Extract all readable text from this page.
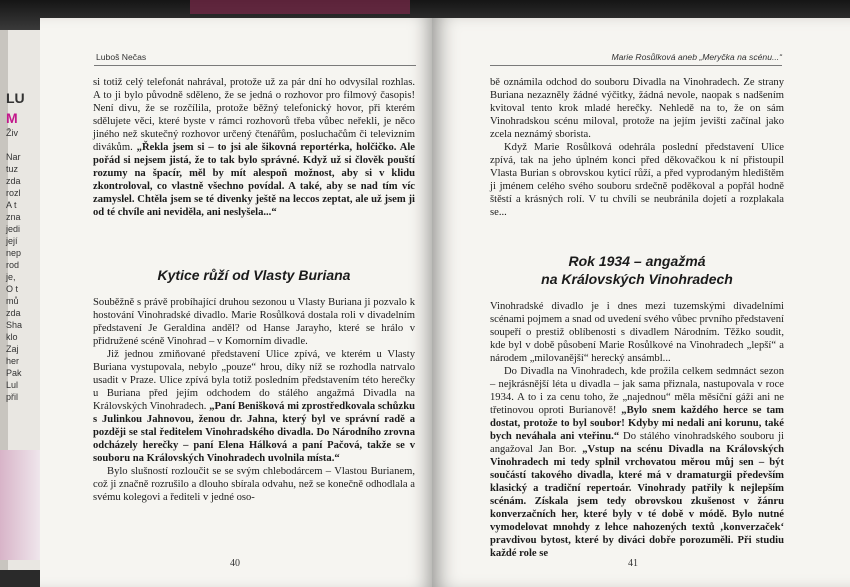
LU
M
Živ
Nar
tuz
zda
rozl
A t
zna
jedi
její
nep
rod
je,
O t
mů
zda
Sha
klo
Zaj
her
Pak
Lul
přil
Luboš Nečas

si totiž celý telefonát nahrával, protože už za pár dní ho odvysílal rozhlas. A to ji bylo původně sděleno, že se jedná o rozhovor pro filmový časopis! Není divu, že se rozčílila, protože běžný telefonický hovor, při kterém sdělujete věci, které byste v rámci rozhovorů třeba vůbec neřekli, je něco jiného než skutečný rozhovor určený čtenářům, posluchačům či televizním divákům. „Řekla jsem si – to jsi ale šikovná reportérka, holčičko. Ale pořád si nejsem jistá, že to tak bylo správné. Když už si člověk pouští rozumy na špacír, měl by mít alespoň možnost, aby si v klidu zkontroloval, co vlastně všechno povídal. A také, aby se nad tím víc zamyslel. Chtěla jsem se té divenky ještě na leccos zeptat, ale už jsem ji od té chvíle ani neviděla, ani neslyšela...“

Kytice růží od Vlasty Buriana

Souběžně s právě probíhající druhou sezonou u Vlasty Buriana ji pozvalo k hostování Vinohradské divadlo. Marie Rosůlková dostala roli v divadelním představení Je Geraldina anděl? od Hanse Jarayho, které se hrálo v přidružené scéně Vinohrad – v Komorním divadle.

Již jednou zmiňované představení Ulice zpívá, ve kterém u Vlasty Buriana vystupovala, nebylo „pouze“ hrou, díky níž se rozhodla natrvalo usadit v Praze. Ulice zpívá byla totiž posledním představením této herečky u Buriana před jejím odchodem do stálého angažmá Divadla na Královských Vinohradech. „Paní Benišková mi zprostředkovala schůzku s Julinkou Jahnovou, ženou dr. Jahna, který byl ve správní radě a později se stal ředitelem Vinohradského divadla. Do Národního zrovna odcházely herečky – paní Elena Hálková a paní Pačová, takže se v souboru na Královských Vinohradech uvolnila místa.“

Bylo slušností rozloučit se se svým chlebodárcem – Vlastou Burianem, což ji značně rozrušilo a dlouho sbírala odvahu, než se konečně odhodlala a svému kolegovi a řediteli v jedné oso-

40
Marie Rosůlková aneb „Meryčka na scénu...“

bě oznámila odchod do souboru Divadla na Vinohradech. Ze strany Buriana nezazněly žádné výčitky, žádná nevole, naopak s nadšením kvitoval tento krok mladé herečky. Nehledě na to, že on sám Vinohradskou scénu miloval, protože na jejím jevišti začínal jako zcela neznámý sborista.

Když Marie Rosůlková odehrála poslední představení Ulice zpívá, tak na jeho úplném konci před děkovačkou k ní přistoupil Vlasta Burian s obrovskou kyticí růží, a před vyprodaným hledištěm ji jménem celého svého souboru srdečně poděkoval a popřál hodně štěstí a krásných rolí. V tu chvíli se neubránila dojetí a rozplakala se...

Rok 1934 – angažmá
na Královských Vinohradech

Vinohradské divadlo je i dnes mezi tuzemskými divadelními scénami pojmem a snad od uvedení svého vůbec prvního představení soupeří o prestiž oblíbenosti s divadlem Národním. Těžko soudit, kde byl v době působení Marie Rosůlkové na Vinohradech „lepší“ a národem „milovanější“ herecký ansámbl...

Do Divadla na Vinohradech, kde prožila celkem sedmnáct sezon – nejkrásnější léta u divadla – jak sama přiznala, nastupovala v roce 1934. A to i za cenu toho, že „najednou“ měla měsíční gáži ani ne třetinovou oproti Burianově! „Bylo snem každého herce se tam dostat, protože to byl soubor! Kdyby mi nedali ani korunu, také bych neváhala ani vteřinu.“ Do stálého vinohradského souboru ji angažoval Jan Bor. „Vstup na scénu Divadla na Královských Vinohradech mi tedy splnil vrchovatou měrou můj sen – být součástí takového divadla, které má v dramaturgii především klasický a tradiční repertoár. Vinohrady patřily k nejlepším scénám. Získala jsem tedy obrovskou zkušenost v žánru konverzačních her, které byly v té době v módě. Bylo nutné vymodelovat mnohdy z lehce nahozených textů ‚konverzaček‘ pravdivou bytost, které by diváci dobře porozuměli. Při studiu každé role se

41
